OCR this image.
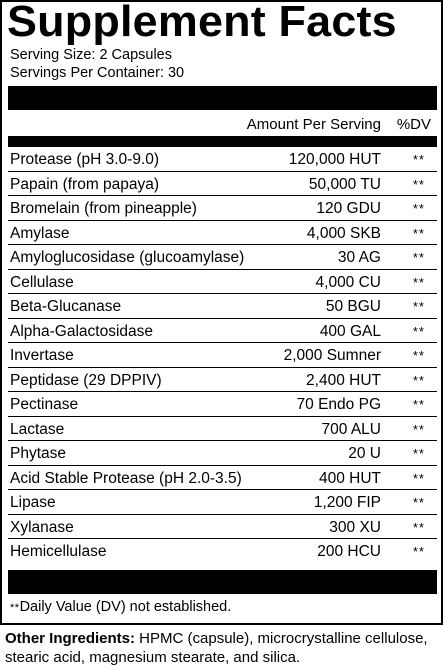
Supplement Facts
Serving Size: 2 Capsules
Servings Per Container: 30
Amount Per Serving %DV
Protease (pH 3.0-9.0)	120,000 HUT **
Papain (from papaya)	50,000 TU **
Bromelain (from pineapple)	120 GDU **
Amylase	4,000 SKB **
Amyloglucosidase (glucoamylase)	30 AG **
Cellulase	4,000 CU **
Beta-Glucanase	50 BGU **
Alpha-Galactosidase	400 GAL **
Invertase	2,000 Sumner **
Peptidase (29 DPPIV)	2,400 HUT **
Pectinase	70 Endo PG **
Lactase	700 ALU **
Phytase	20 U **
Acid Stable Protease (pH 2.0-3.5)	400 HUT **
Lipase	1,200 FIP **
Xylanase	300 XU **
Hemicellulase	200 HCU **
**Daily Value (DV) not established.
Other Ingredients: HPMC (capsule), microcrystalline cellulose, stearic acid, magnesium stearate, and silica.
